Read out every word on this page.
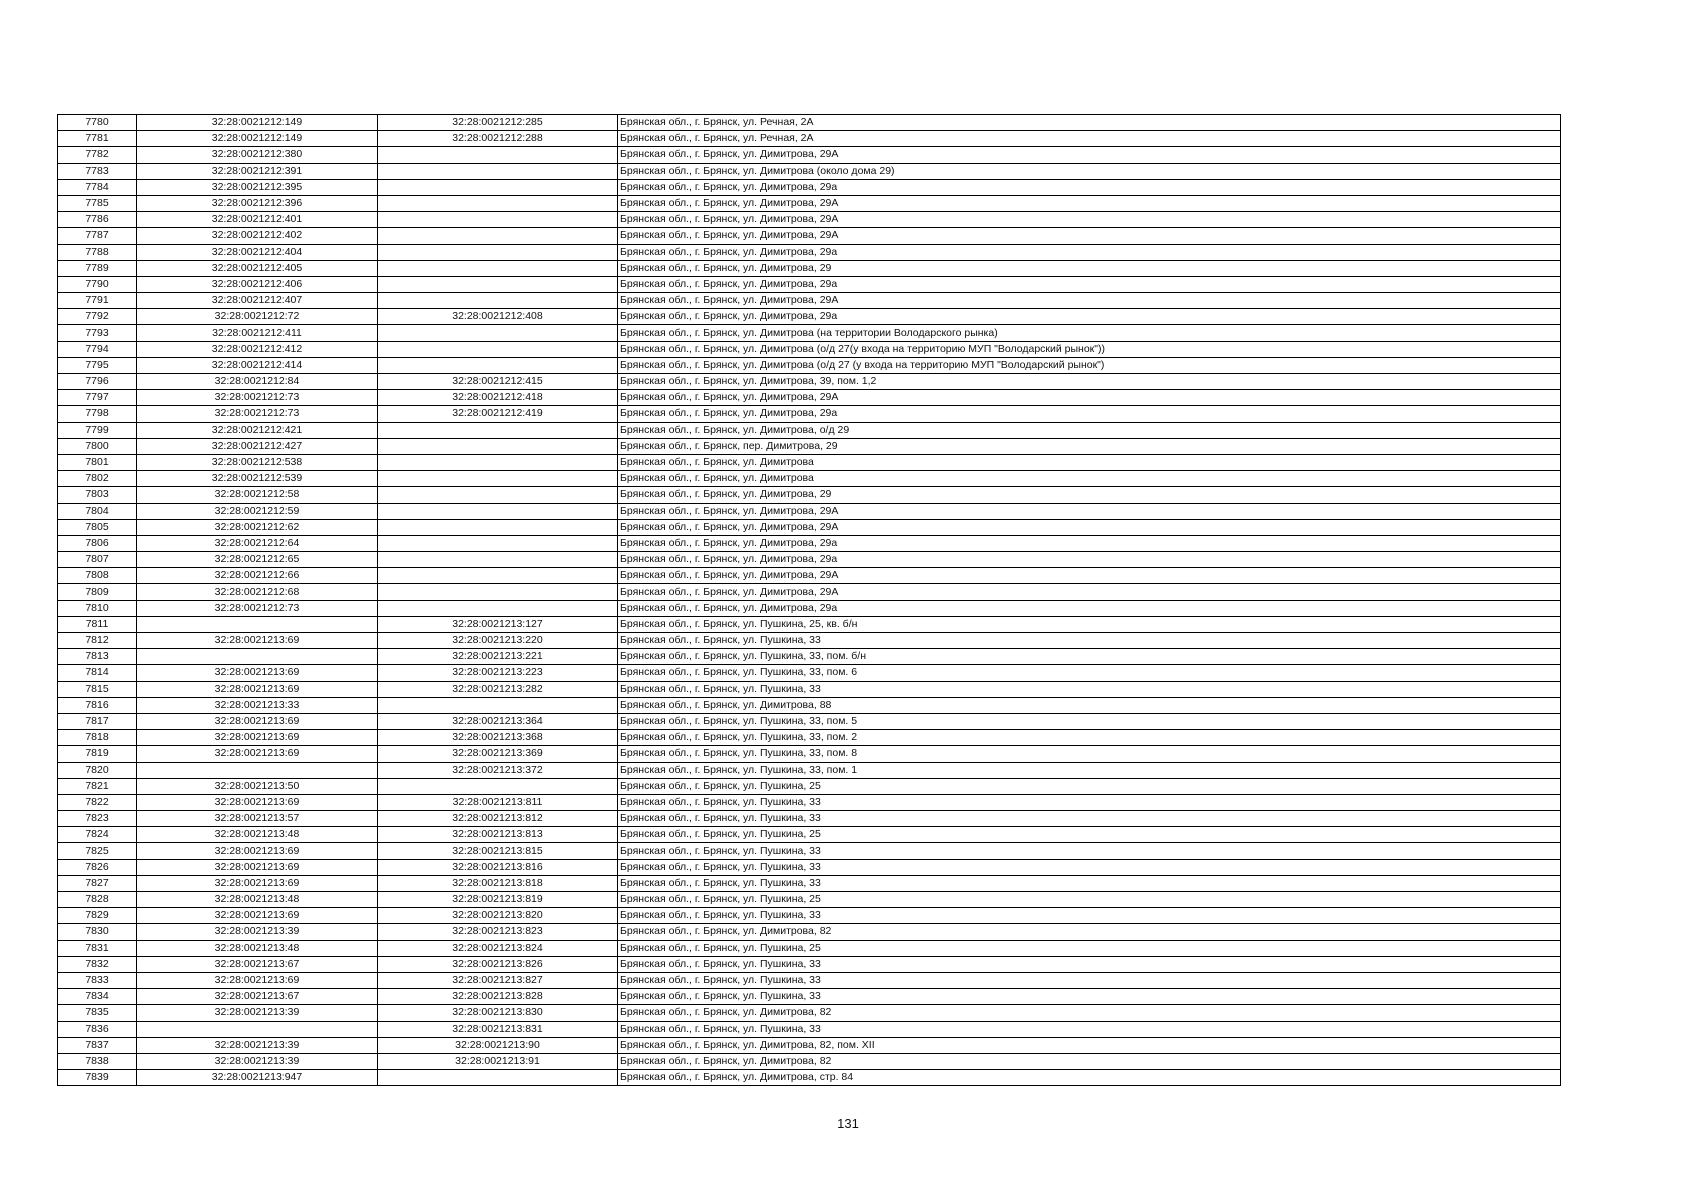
7780	32:28:0021212:149	32:28:0021212:285	Брянская обл., г. Брянск, ул. Речная, 2А
7781	32:28:0021212:149	32:28:0021212:288	Брянская обл., г. Брянск, ул. Речная, 2А
7782	32:28:0021212:380		Брянская обл., г. Брянск, ул. Димитрова, 29А
7783	32:28:0021212:391		Брянская обл., г. Брянск, ул. Димитрова (около дома 29)
7784	32:28:0021212:395		Брянская обл., г. Брянск, ул. Димитрова, 29а
7785	32:28:0021212:396		Брянская обл., г. Брянск, ул. Димитрова, 29А
7786	32:28:0021212:401		Брянская обл., г. Брянск, ул. Димитрова, 29А
7787	32:28:0021212:402		Брянская обл., г. Брянск, ул. Димитрова, 29А
7788	32:28:0021212:404		Брянская обл., г. Брянск, ул. Димитрова, 29а
7789	32:28:0021212:405		Брянская обл., г. Брянск, ул. Димитрова, 29
7790	32:28:0021212:406		Брянская обл., г. Брянск, ул. Димитрова, 29а
7791	32:28:0021212:407		Брянская обл., г. Брянск, ул. Димитрова, 29А
7792	32:28:0021212:72	32:28:0021212:408	Брянская обл., г. Брянск, ул. Димитрова, 29а
7793	32:28:0021212:411		Брянская обл., г. Брянск, ул. Димитрова (на территории Володарского рынка)
7794	32:28:0021212:412		Брянская обл., г. Брянск, ул. Димитрова (о/д 27(у входа на территорию МУП "Володарский рынок"))
7795	32:28:0021212:414		Брянская обл., г. Брянск, ул. Димитрова (о/д 27 (у входа на территорию МУП "Володарский рынок")
7796	32:28:0021212:84	32:28:0021212:415	Брянская обл., г. Брянск, ул. Димитрова, 39, пом. 1,2
7797	32:28:0021212:73	32:28:0021212:418	Брянская обл., г. Брянск, ул. Димитрова, 29А
7798	32:28:0021212:73	32:28:0021212:419	Брянская обл., г. Брянск, ул. Димитрова, 29а
7799	32:28:0021212:421		Брянская обл., г. Брянск, ул. Димитрова, о/д 29
7800	32:28:0021212:427		Брянская обл., г. Брянск, пер. Димитрова, 29
7801	32:28:0021212:538		Брянская обл., г. Брянск, ул. Димитрова
7802	32:28:0021212:539		Брянская обл., г. Брянск, ул. Димитрова
7803	32:28:0021212:58		Брянская обл., г. Брянск, ул. Димитрова, 29
7804	32:28:0021212:59		Брянская обл., г. Брянск, ул. Димитрова, 29А
7805	32:28:0021212:62		Брянская обл., г. Брянск, ул. Димитрова, 29А
7806	32:28:0021212:64		Брянская обл., г. Брянск, ул. Димитрова, 29а
7807	32:28:0021212:65		Брянская обл., г. Брянск, ул. Димитрова, 29а
7808	32:28:0021212:66		Брянская обл., г. Брянск, ул. Димитрова, 29А
7809	32:28:0021212:68		Брянская обл., г. Брянск, ул. Димитрова, 29А
7810	32:28:0021212:73		Брянская обл., г. Брянск, ул. Димитрова, 29а
7811		32:28:0021213:127	Брянская обл., г. Брянск, ул. Пушкина, 25, кв. б/н
7812	32:28:0021213:69	32:28:0021213:220	Брянская обл., г. Брянск, ул. Пушкина, 33
7813		32:28:0021213:221	Брянская обл., г. Брянск, ул. Пушкина, 33, пом. б/н
7814	32:28:0021213:69	32:28:0021213:223	Брянская обл., г. Брянск, ул. Пушкина, 33, пом. 6
7815	32:28:0021213:69	32:28:0021213:282	Брянская обл., г. Брянск, ул. Пушкина, 33
7816	32:28:0021213:33		Брянская обл., г. Брянск, ул. Димитрова, 88
7817	32:28:0021213:69	32:28:0021213:364	Брянская обл., г. Брянск, ул. Пушкина, 33, пом. 5
7818	32:28:0021213:69	32:28:0021213:368	Брянская обл., г. Брянск, ул. Пушкина, 33, пом. 2
7819	32:28:0021213:69	32:28:0021213:369	Брянская обл., г. Брянск, ул. Пушкина, 33, пом. 8
7820		32:28:0021213:372	Брянская обл., г. Брянск, ул. Пушкина, 33, пом. 1
7821	32:28:0021213:50		Брянская обл., г. Брянск, ул. Пушкина, 25
7822	32:28:0021213:69	32:28:0021213:811	Брянская обл., г. Брянск, ул. Пушкина, 33
7823	32:28:0021213:57	32:28:0021213:812	Брянская обл., г. Брянск, ул. Пушкина, 33
7824	32:28:0021213:48	32:28:0021213:813	Брянская обл., г. Брянск, ул. Пушкина, 25
7825	32:28:0021213:69	32:28:0021213:815	Брянская обл., г. Брянск, ул. Пушкина, 33
7826	32:28:0021213:69	32:28:0021213:816	Брянская обл., г. Брянск, ул. Пушкина, 33
7827	32:28:0021213:69	32:28:0021213:818	Брянская обл., г. Брянск, ул. Пушкина, 33
7828	32:28:0021213:48	32:28:0021213:819	Брянская обл., г. Брянск, ул. Пушкина, 25
7829	32:28:0021213:69	32:28:0021213:820	Брянская обл., г. Брянск, ул. Пушкина, 33
7830	32:28:0021213:39	32:28:0021213:823	Брянская обл., г. Брянск, ул. Димитрова, 82
7831	32:28:0021213:48	32:28:0021213:824	Брянская обл., г. Брянск, ул. Пушкина, 25
7832	32:28:0021213:67	32:28:0021213:826	Брянская обл., г. Брянск, ул. Пушкина, 33
7833	32:28:0021213:69	32:28:0021213:827	Брянская обл., г. Брянск, ул. Пушкина, 33
7834	32:28:0021213:67	32:28:0021213:828	Брянская обл., г. Брянск, ул. Пушкина, 33
7835	32:28:0021213:39	32:28:0021213:830	Брянская обл., г. Брянск, ул. Димитрова, 82
7836		32:28:0021213:831	Брянская обл., г. Брянск, ул. Пушкина, 33
7837	32:28:0021213:39	32:28:0021213:90	Брянская обл., г. Брянск, ул. Димитрова, 82, пом. XII
7838	32:28:0021213:39	32:28:0021213:91	Брянская обл., г. Брянск, ул. Димитрова, 82
7839	32:28:0021213:947		Брянская обл., г. Брянск, ул. Димитрова, стр. 84
131
